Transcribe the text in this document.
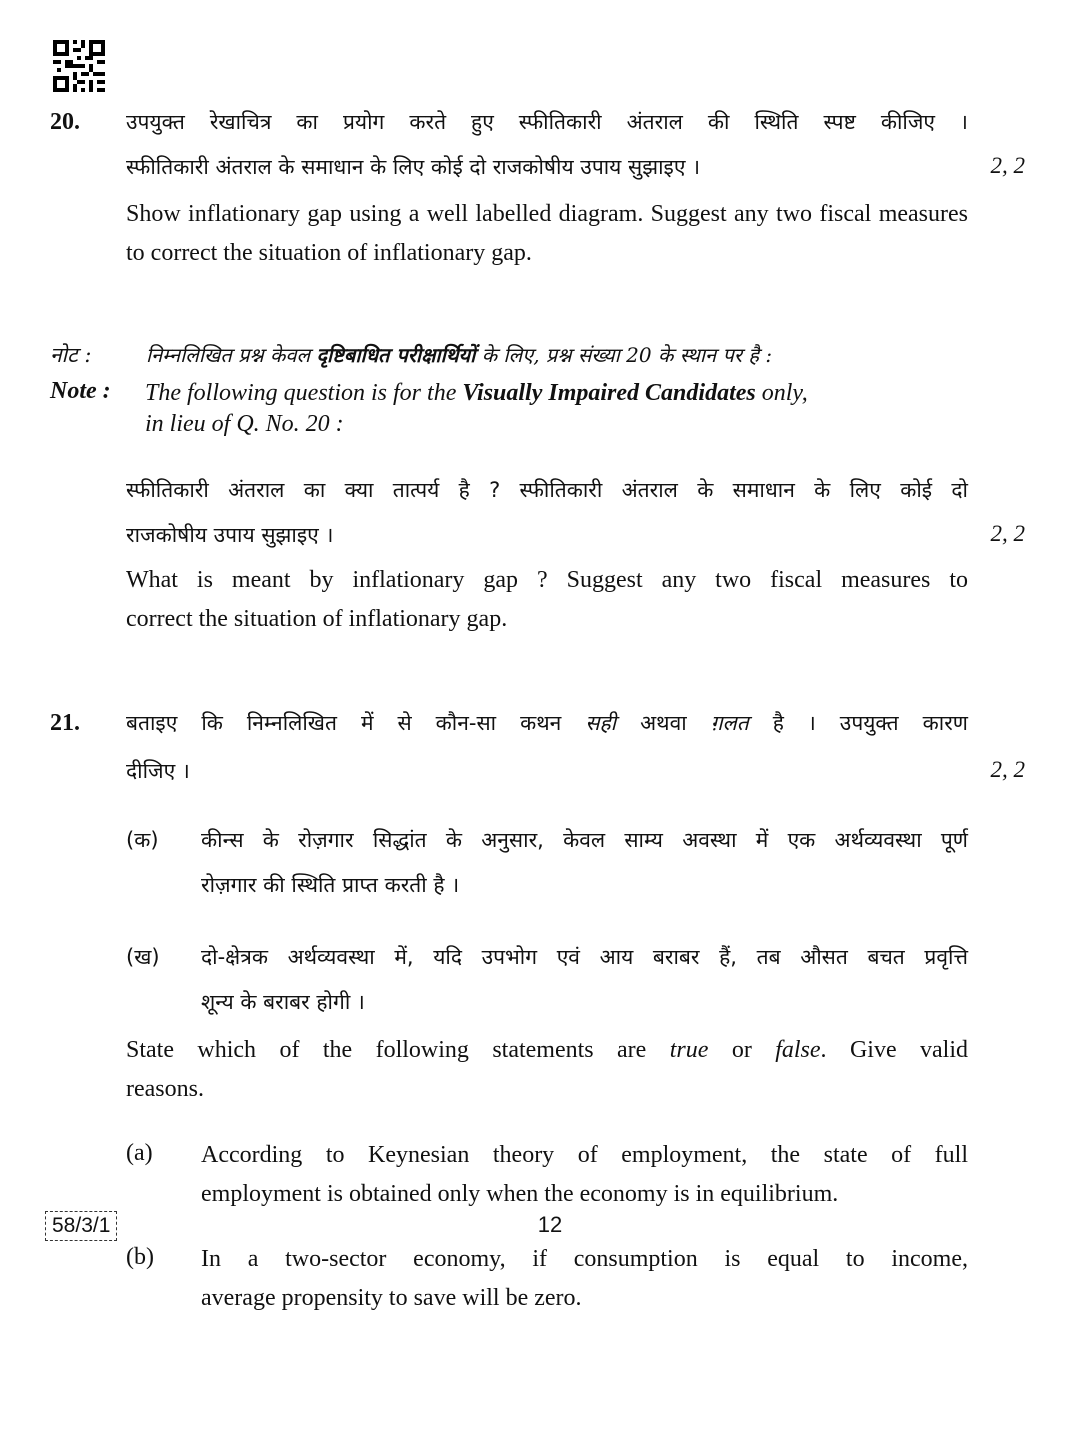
20. उपयुक्त रेखाचित्र का प्रयोग करते हुए स्फीतिकारी अंतराल की स्थिति स्पष्ट कीजिए ।
स्फीतिकारी अंतराल के समाधान के लिए कोई दो राजकोषीय उपाय सुझाइए ।	2, 2
Show inflationary gap using a well labelled diagram. Suggest any two fiscal measures to correct the situation of inflationary gap.
नोट :	निम्नलिखित प्रश्न केवल दृष्टिबाधित परीक्षार्थियों के लिए, प्रश्न संख्या 20 के स्थान पर है :
Note : The following question is for the Visually Impaired Candidates only,
in lieu of Q. No. 20 :
स्फीतिकारी अंतराल का क्या तात्पर्य है ? स्फीतिकारी अंतराल के समाधान के लिए कोई दो
राजकोषीय उपाय सुझाइए ।	2, 2
What is meant by inflationary gap ? Suggest any two fiscal measures to
correct the situation of inflationary gap.
21. बताइए कि निम्नलिखित में से कौन-सा कथन सही अथवा ग़लत है । उपयुक्त कारण
दीजिए ।	2, 2
(क) कीन्स के रोज़गार सिद्धांत के अनुसार, केवल साम्य अवस्था में एक अर्थव्यवस्था पूर्ण
रोज़गार की स्थिति प्राप्त करती है ।
(ख) दो-क्षेत्रक अर्थव्यवस्था में, यदि उपभोग एवं आय बराबर हैं, तब औसत बचत प्रवृत्ति
शून्य के बराबर होगी ।
State which of the following statements are true or false. Give valid
reasons.
(a) According to Keynesian theory of employment, the state of full
employment is obtained only when the economy is in equilibrium.
(b) In a two-sector economy, if consumption is equal to income,
average propensity to save will be zero.
58/3/1	12
